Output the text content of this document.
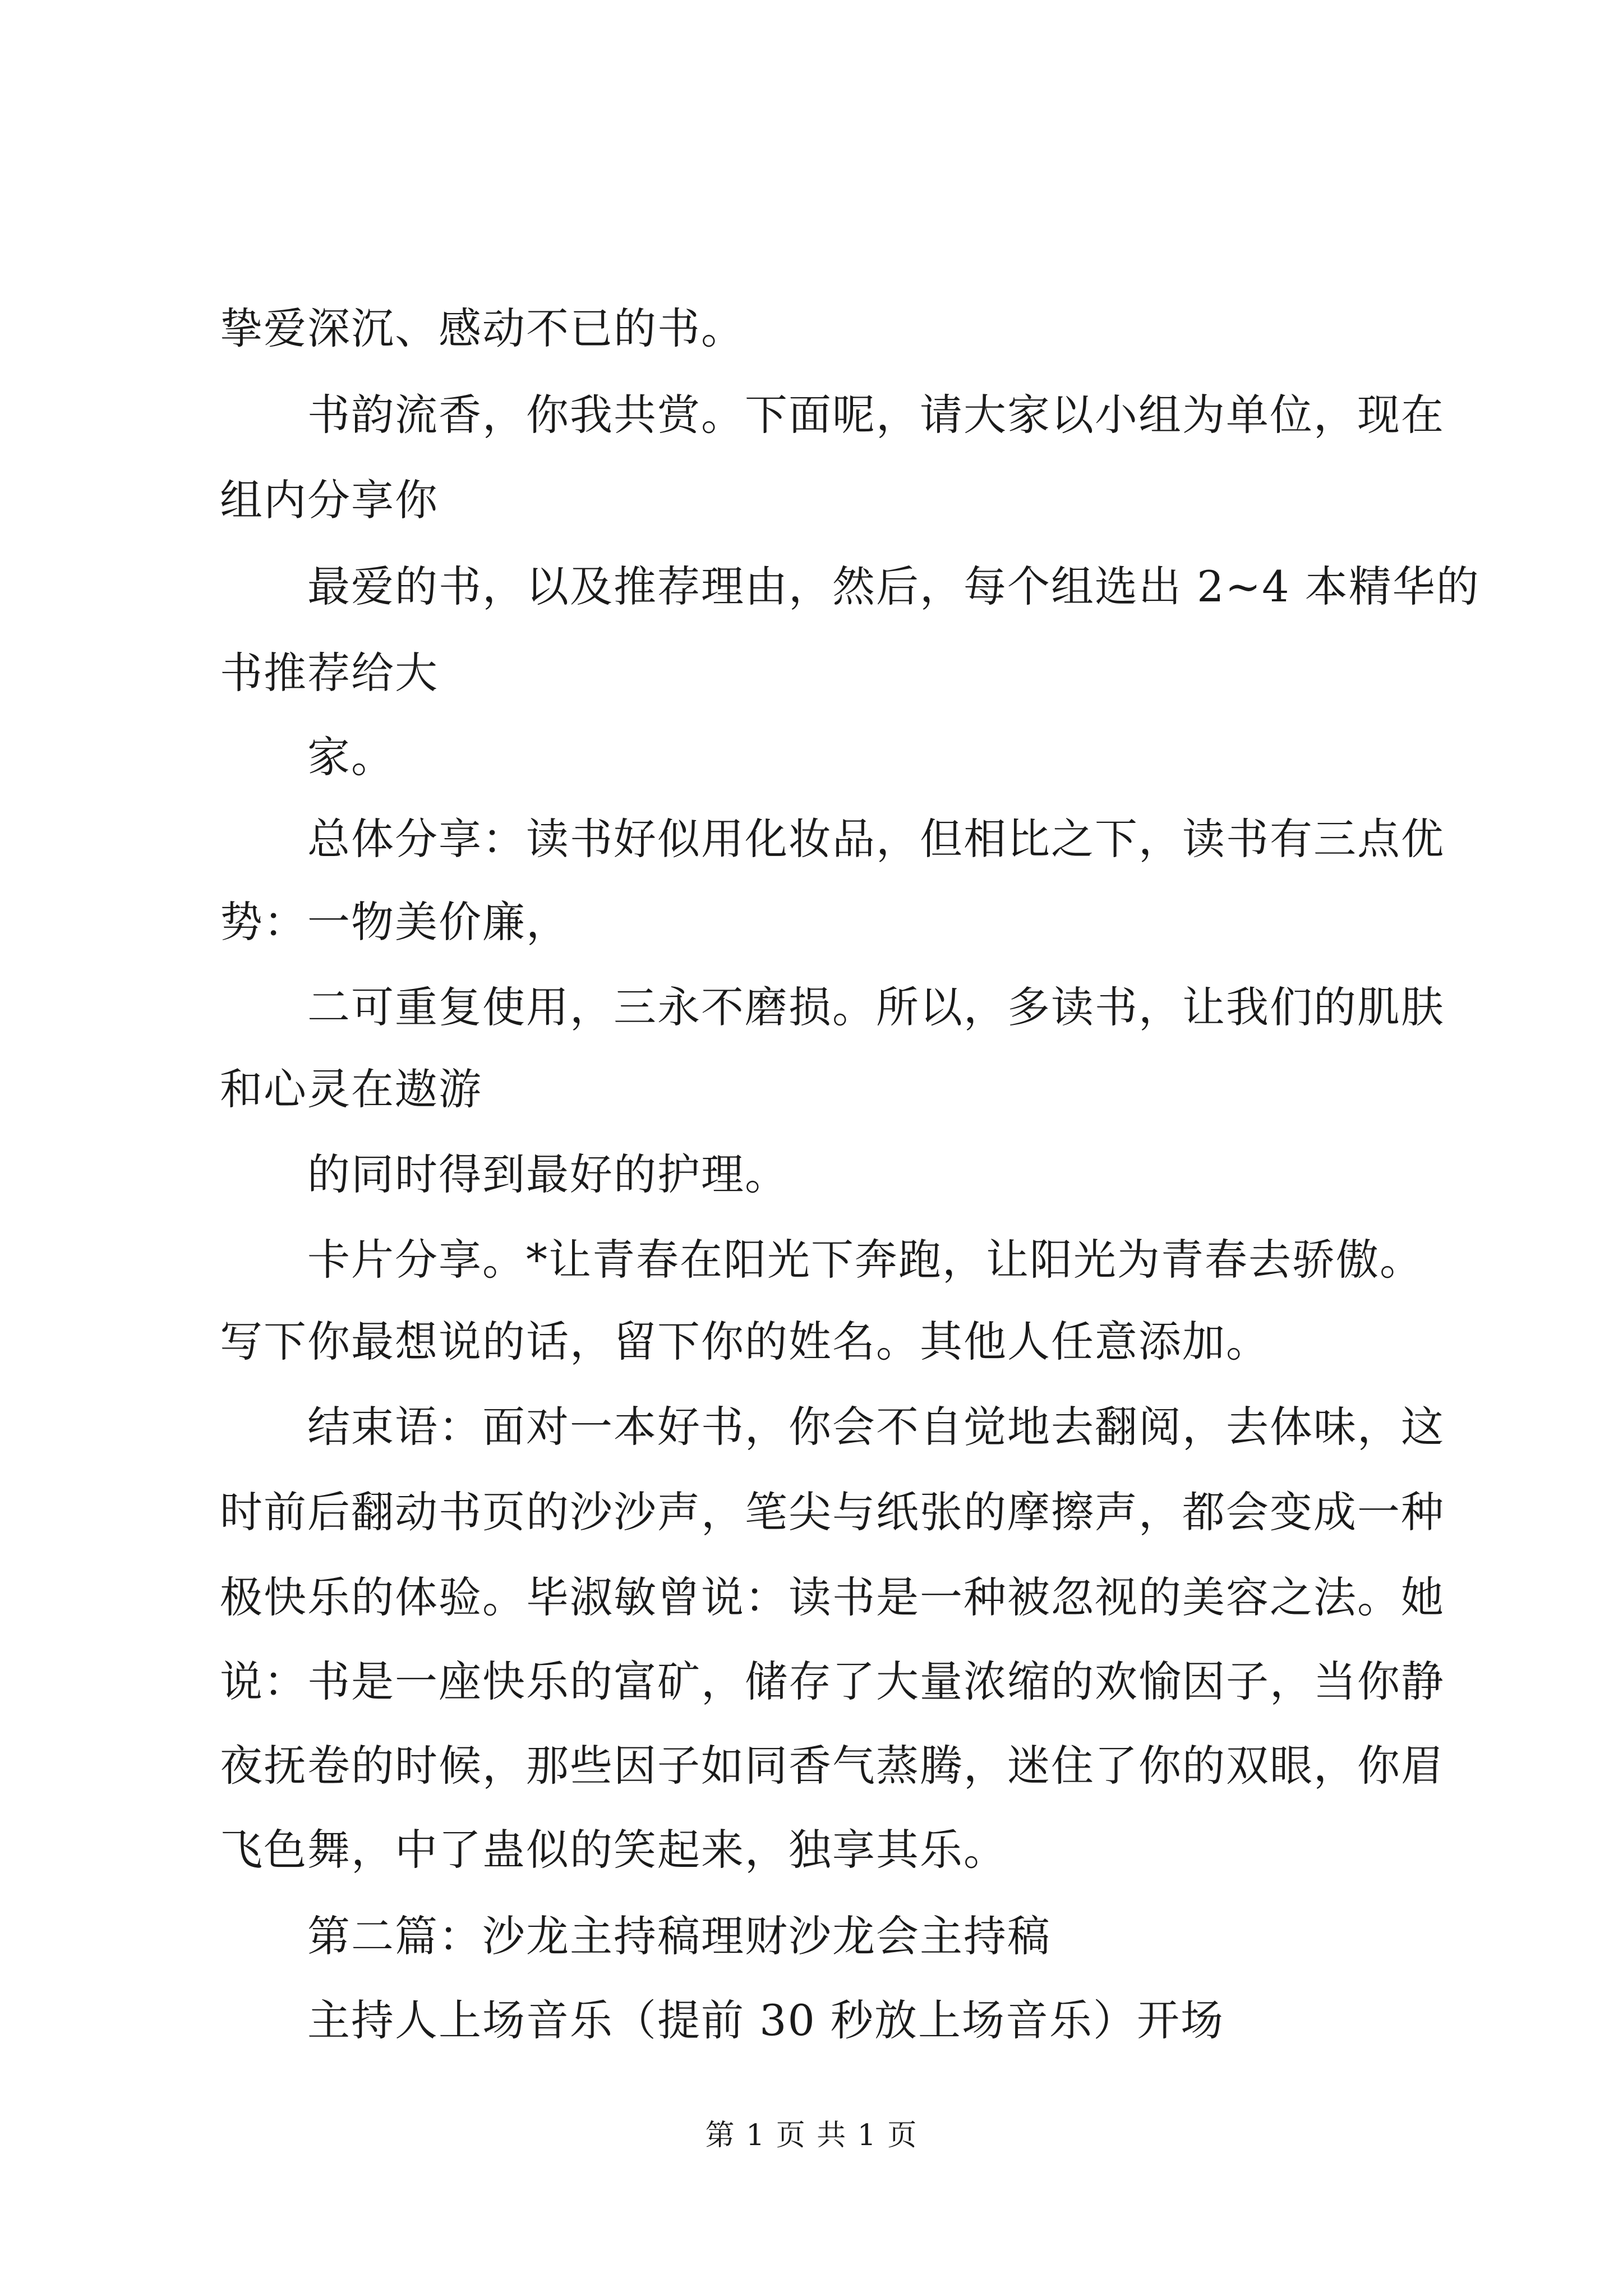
挚爱深沉、感动不已的书。
书韵流香，你我共赏。下面呢，请大家以小组为单位，现在
组内分享你
最爱的书，以及推荐理由，然后，每个组选出 2~4 本精华的
书推荐给大
家。
总体分享：读书好似用化妆品，但相比之下，读书有三点优
势：一物美价廉，
二可重复使用，三永不磨损。所以，多读书，让我们的肌肤
和心灵在遨游
的同时得到最好的护理。
卡片分享。*让青春在阳光下奔跑，让阳光为青春去骄傲。
写下你最想说的话，留下你的姓名。其他人任意添加。
结束语：面对一本好书，你会不自觉地去翻阅，去体味，这
时前后翻动书页的沙沙声，笔尖与纸张的摩擦声，都会变成一种
极快乐的体验。毕淑敏曾说：读书是一种被忽视的美容之法。她
说：书是一座快乐的富矿，储存了大量浓缩的欢愉因子，当你静
夜抚卷的时候，那些因子如同香气蒸腾，迷住了你的双眼，你眉
飞色舞，中了蛊似的笑起来，独享其乐。
第二篇：沙龙主持稿理财沙龙会主持稿
主持人上场音乐（提前 30 秒放上场音乐）开场
第 1 页 共 1 页
